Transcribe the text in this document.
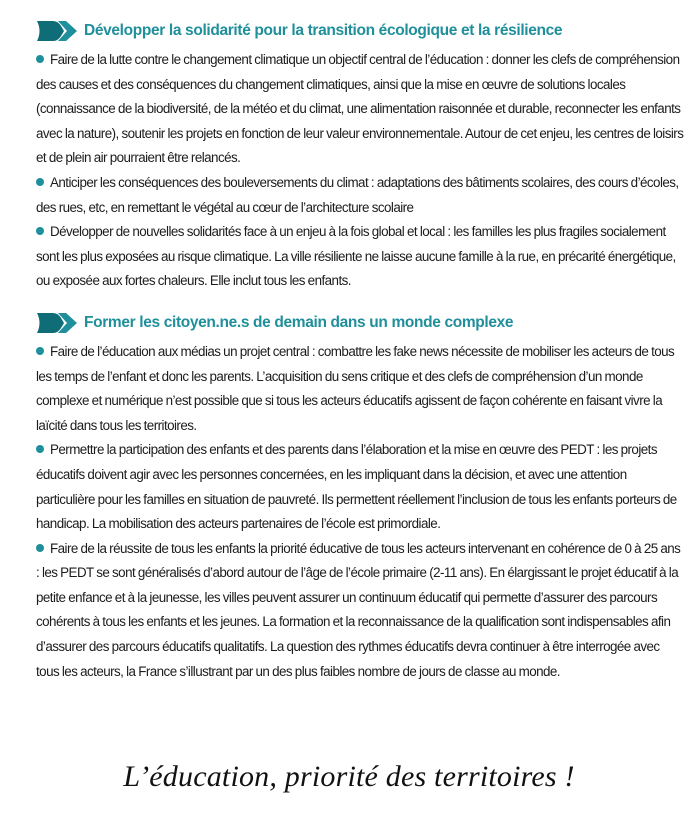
Développer la solidarité pour la transition écologique et la résilience
Faire de la lutte contre le changement climatique un objectif central de l’éducation : donner les clefs de compréhension des causes et des conséquences du changement climatiques, ainsi que la mise en œuvre de solutions locales (connaissance de la biodiversité, de la météo et du climat, une alimentation raisonnée et durable, reconnecter les enfants avec la nature), soutenir les projets en fonction de leur valeur environnementale. Autour de cet enjeu, les centres de loisirs et de plein air pourraient être relancés.
Anticiper les conséquences des bouleversements du climat : adaptations des bâtiments scolaires, des cours d’écoles, des rues, etc, en remettant le végétal au cœur de l’architecture scolaire
Développer de nouvelles solidarités face à un enjeu à la fois global et local : les familles les plus fragiles socialement sont les plus exposées au risque climatique. La ville résiliente ne laisse aucune famille à la rue, en précarité énergétique, ou exposée aux fortes chaleurs. Elle inclut tous les enfants.
Former les citoyen.ne.s de demain dans un monde complexe
Faire de l’éducation aux médias un projet central : combattre les fake news nécessite de mobiliser les acteurs de tous les temps de l’enfant et donc les parents. L’acquisition du sens critique et des clefs de compréhension d’un monde complexe et numérique n’est possible que si tous les acteurs éducatifs agissent de façon cohérente en faisant vivre la laïcité dans tous les territoires.
Permettre la participation des enfants et des parents dans l’élaboration et la mise en œuvre des PEDT : les projets éducatifs doivent agir avec les personnes concernées, en les impliquant dans la décision, et avec une attention particulière pour les familles en situation de pauvreté. Ils permettent réellement l’inclusion de tous les enfants porteurs de handicap. La mobilisation des acteurs partenaires de l’école est primordiale.
Faire de la réussite de tous les enfants la priorité éducative de tous les acteurs intervenant en cohérence de 0 à 25 ans : les PEDT se sont généralisés d’abord autour de l’âge de l’école primaire (2-11 ans). En élargissant le projet éducatif à la petite enfance et à la jeunesse, les villes peuvent assurer un continuum éducatif qui permette d’assurer des parcours cohérents à tous les enfants et les jeunes. La formation et la reconnaissance de la qualification sont indispensables afin d’assurer des parcours éducatifs qualitatifs. La question des rythmes éducatifs devra continuer à être interrogée avec tous les acteurs, la France s’illustrant par un des plus faibles nombre de jours de classe au monde.
L’éducation, priorité des territoires !
